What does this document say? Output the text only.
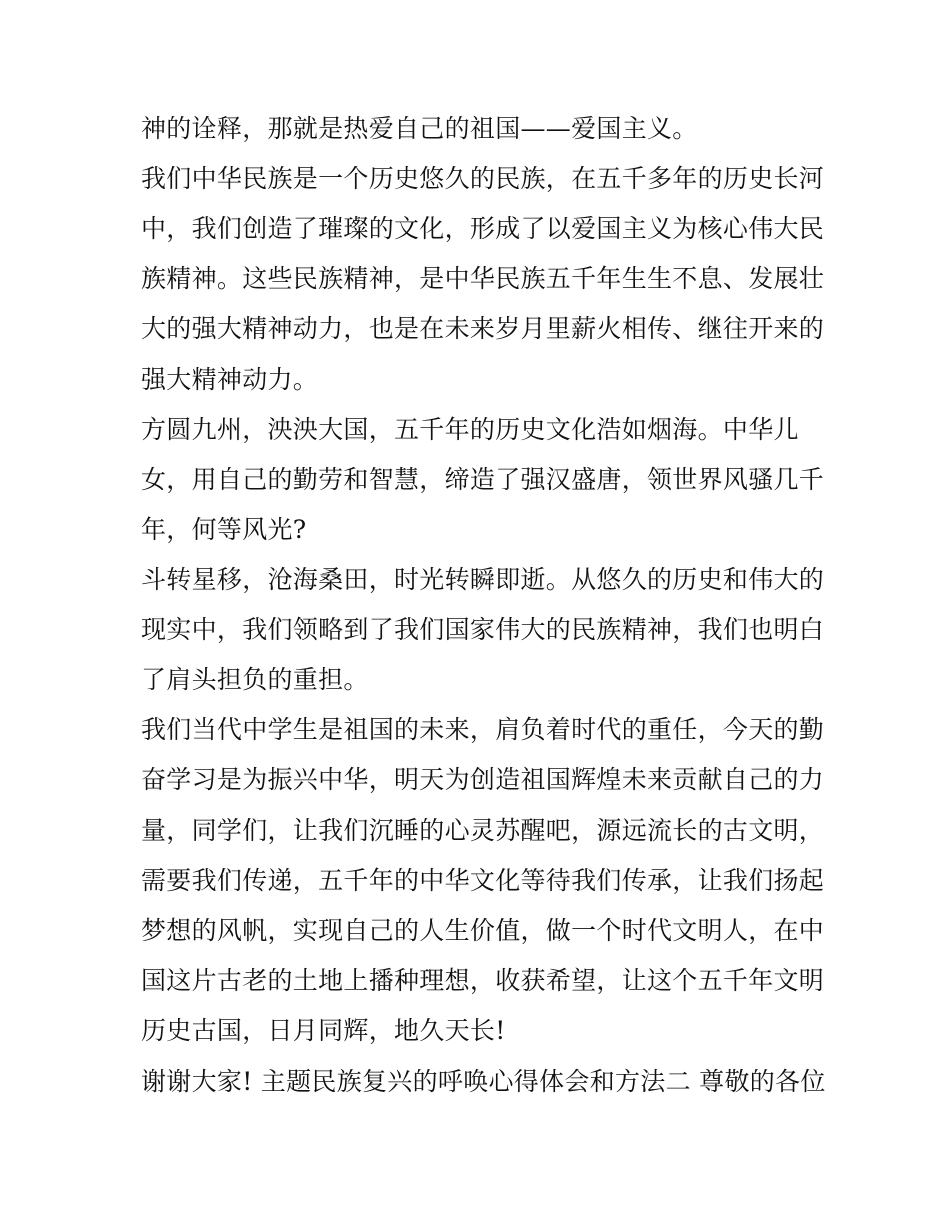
神的诠释，那就是热爱自己的祖国——爱国主义。
我们中华民族是一个历史悠久的民族，在五千多年的历史长河
中，我们创造了璀璨的文化，形成了以爱国主义为核心伟大民
族精神。这些民族精神，是中华民族五千年生生不息、发展壮
大的强大精神动力，也是在未来岁月里薪火相传、继往开来的
强大精神动力。
方圆九州，泱泱大国，五千年的历史文化浩如烟海。中华儿
女，用自己的勤劳和智慧，缔造了强汉盛唐，领世界风骚几千
年，何等风光?
斗转星移，沧海桑田，时光转瞬即逝。从悠久的历史和伟大的
现实中，我们领略到了我们国家伟大的民族精神，我们也明白
了肩头担负的重担。
我们当代中学生是祖国的未来，肩负着时代的重任，今天的勤
奋学习是为振兴中华，明天为创造祖国辉煌未来贡献自己的力
量，同学们，让我们沉睡的心灵苏醒吧，源远流长的古文明，
需要我们传递，五千年的中华文化等待我们传承，让我们扬起
梦想的风帆，实现自己的人生价值，做一个时代文明人，在中
国这片古老的土地上播种理想，收获希望，让这个五千年文明
历史古国，日月同辉，地久天长!
谢谢大家! 主题民族复兴的呼唤心得体会和方法二 尊敬的各位
